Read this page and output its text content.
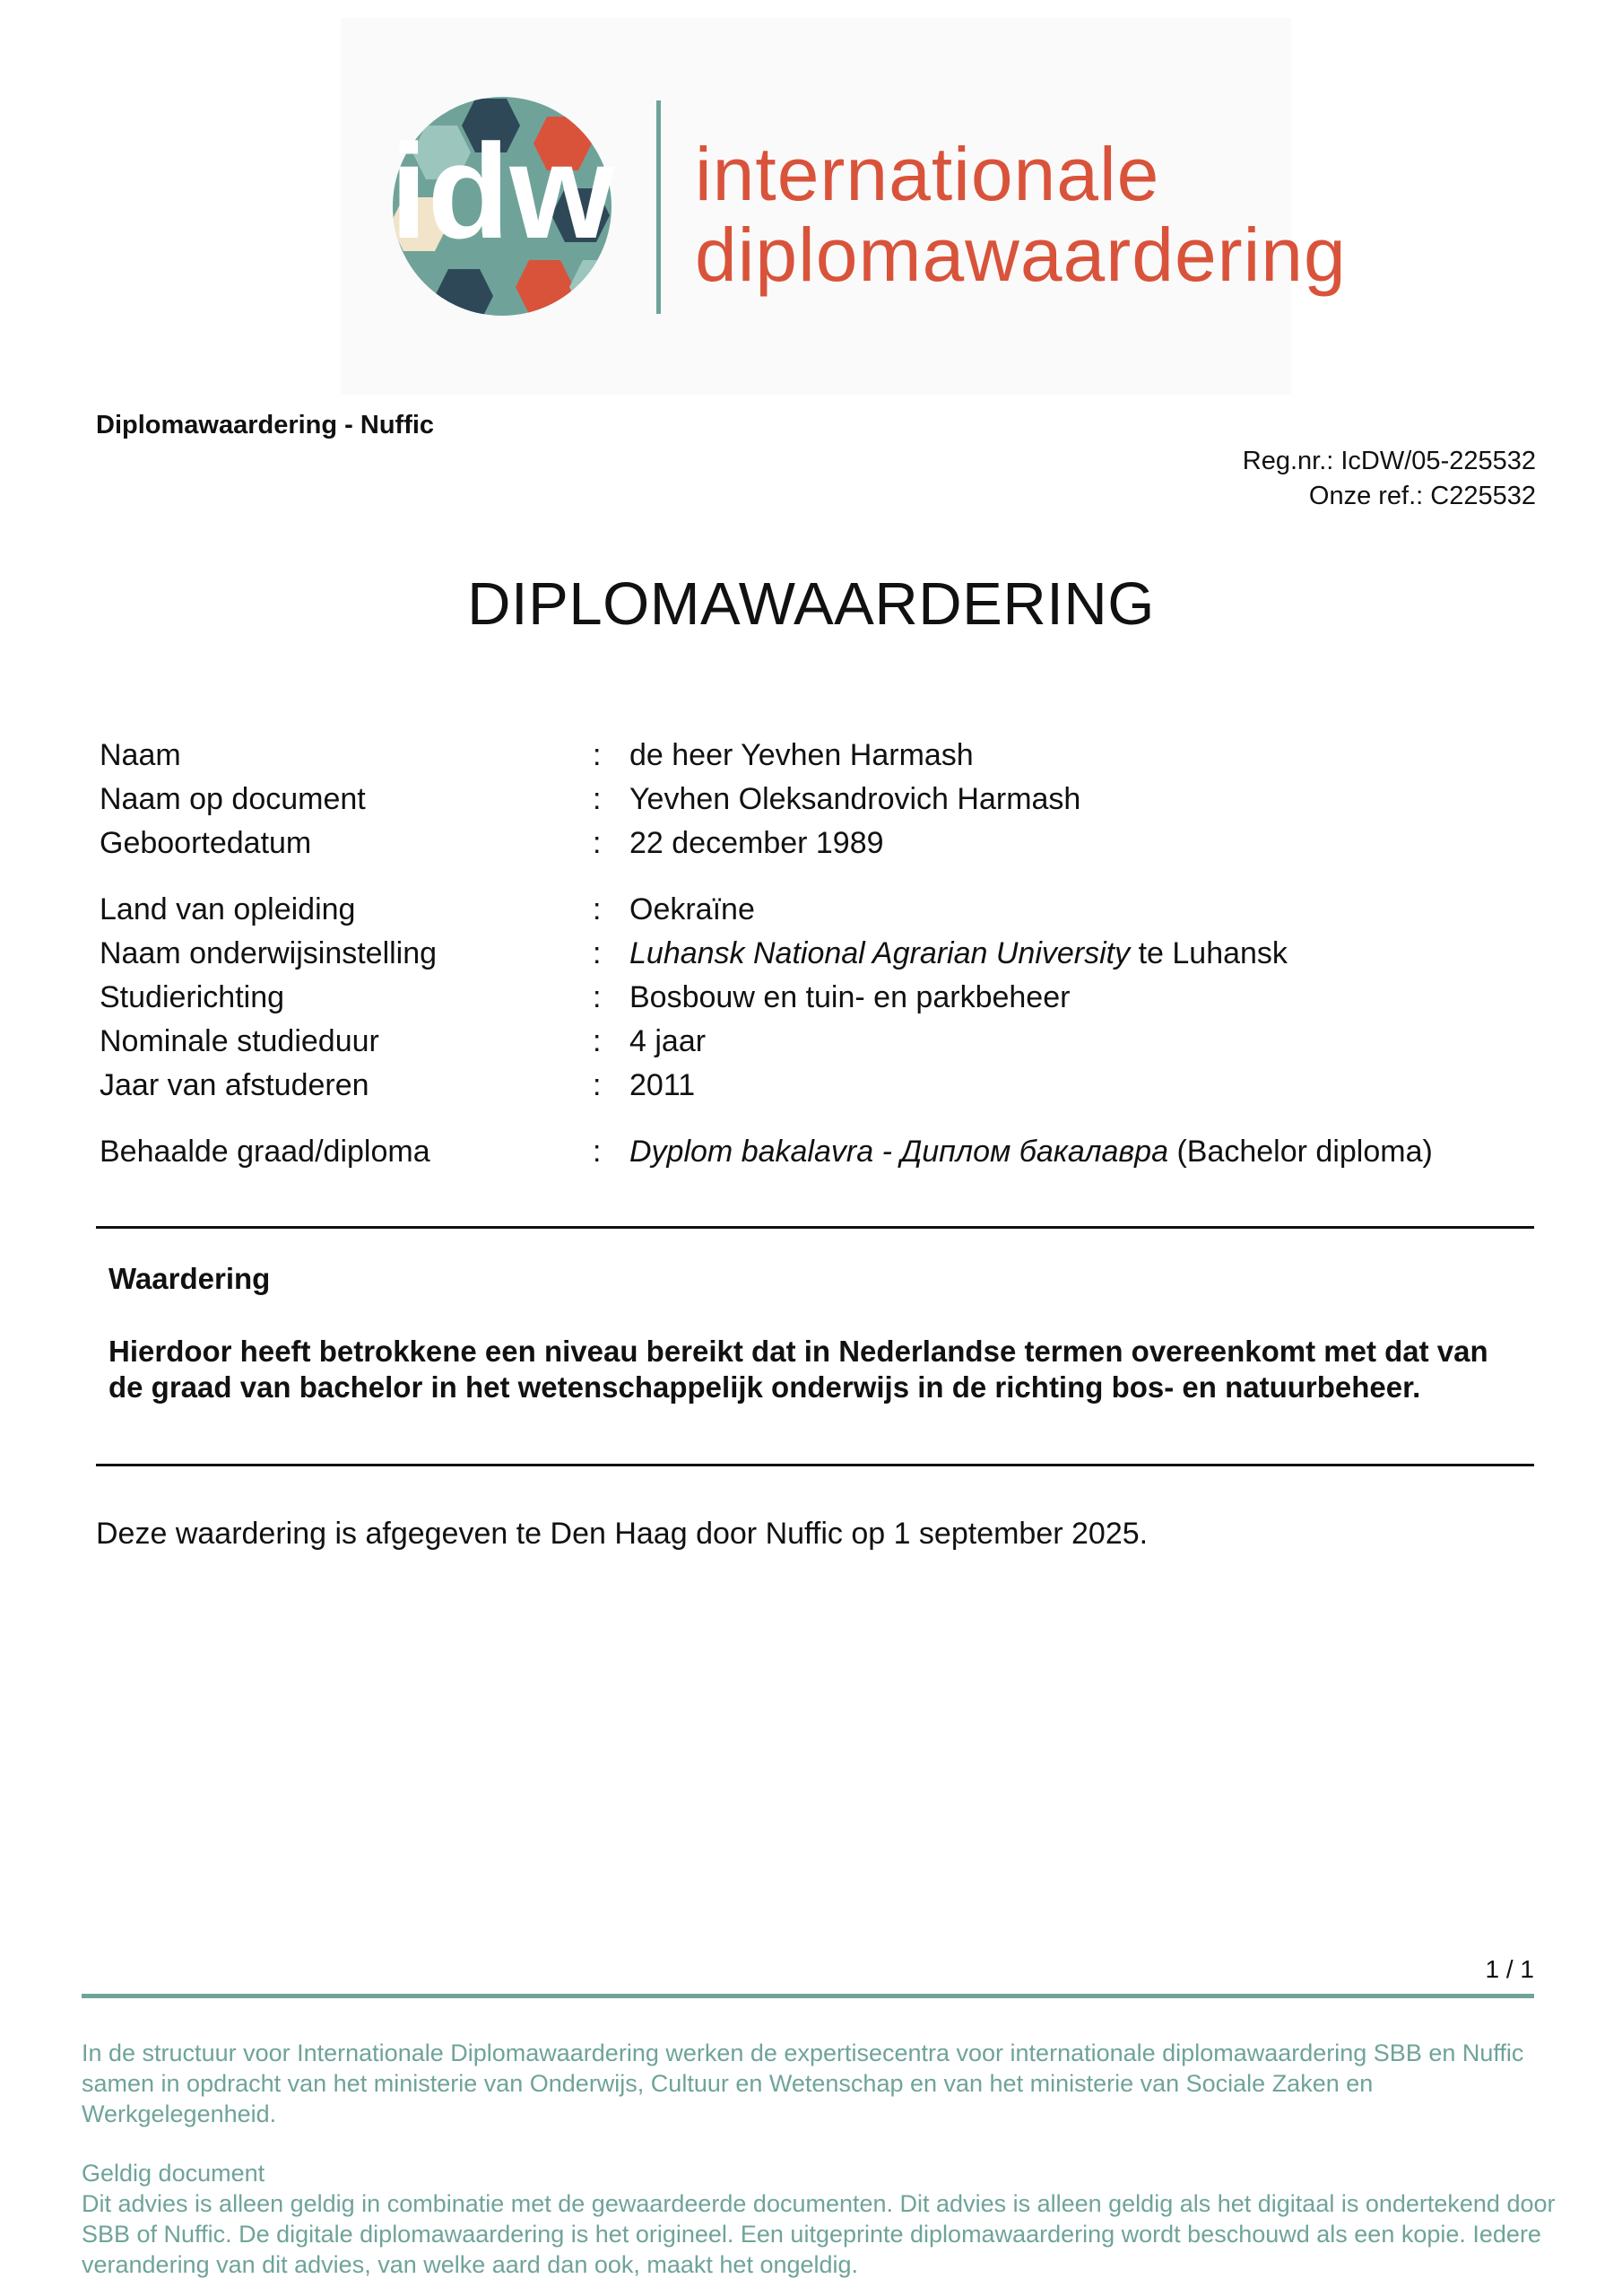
idw internationale
diplomawaardering
Diplomawaardering - Nuffic
Reg.nr.: IcDW/05-225532
Onze ref.: C225532
DIPLOMAWAARDERING
Naam	: de heer Yevhen Harmash
Naam op document	: Yevhen Oleksandrovich Harmash
Geboortedatum	: 22 december 1989
Land van opleiding	: Oekraïne
Naam onderwijsinstelling	: Luhansk National Agrarian University te Luhansk
Studierichting	: Bosbouw en tuin- en parkbeheer
Nominale studieduur	: 4 jaar
Jaar van afstuderen	: 2011
Behaalde graad/diploma	: Dyplom bakalavra - Диплом бакалавра (Bachelor diploma)
Waardering
Hierdoor heeft betrokkene een niveau bereikt dat in Nederlandse termen overeenkomt met dat van de graad van bachelor in het wetenschappelijk onderwijs in de richting bos- en natuurbeheer.
Deze waardering is afgegeven te Den Haag door Nuffic op 1 september 2025.
1 / 1
In de structuur voor Internationale Diplomawaardering werken de expertisecentra voor internationale diplomawaardering SBB en Nuffic samen in opdracht van het ministerie van Onderwijs, Cultuur en Wetenschap en van het ministerie van Sociale Zaken en Werkgelegenheid.
Geldig document
Dit advies is alleen geldig in combinatie met de gewaardeerde documenten. Dit advies is alleen geldig als het digitaal is ondertekend door SBB of Nuffic. De digitale diplomawaardering is het origineel. Een uitgeprinte diplomawaardering wordt beschouwd als een kopie. Iedere verandering van dit advies, van welke aard dan ook, maakt het ongeldig.
